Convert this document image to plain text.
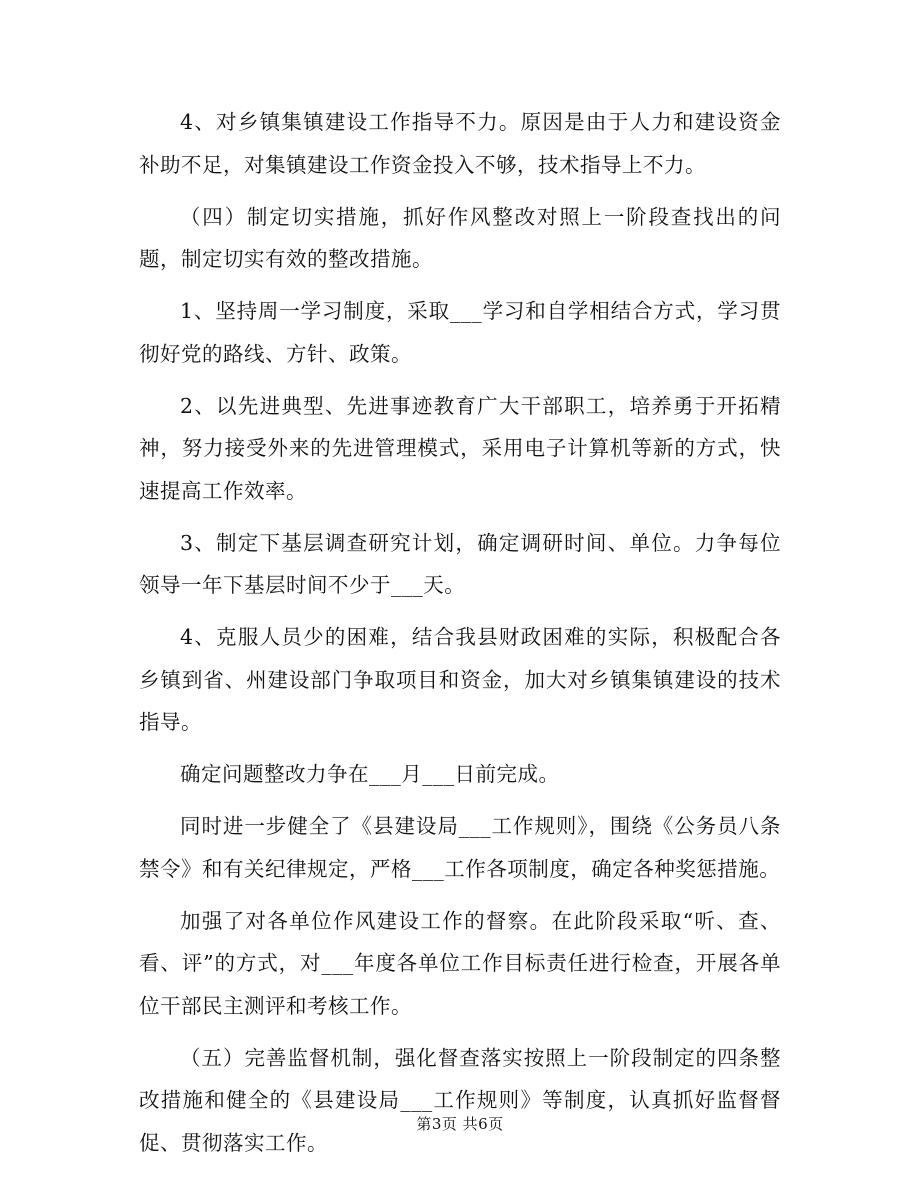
4、对乡镇集镇建设工作指导不力。原因是由于人力和建设资金补助不足，对集镇建设工作资金投入不够，技术指导上不力。

（四）制定切实措施，抓好作风整改对照上一阶段查找出的问题，制定切实有效的整改措施。

1、坚持周一学习制度，采取___学习和自学相结合方式，学习贯彻好党的路线、方针、政策。

2、以先进典型、先进事迹教育广大干部职工，培养勇于开拓精神，努力接受外来的先进管理模式，采用电子计算机等新的方式，快速提高工作效率。

3、制定下基层调查研究计划，确定调研时间、单位。力争每位领导一年下基层时间不少于___天。

4、克服人员少的困难，结合我县财政困难的实际，积极配合各乡镇到省、州建设部门争取项目和资金，加大对乡镇集镇建设的技术指导。

确定问题整改力争在___月___日前完成。

同时进一步健全了《县建设局___工作规则》，围绕《公务员八条禁令》和有关纪律规定，严格___工作各项制度，确定各种奖惩措施。

加强了对各单位作风建设工作的督察。在此阶段采取“听、查、看、评”的方式，对___年度各单位工作目标责任进行检查，开展各单位干部民主测评和考核工作。

（五）完善监督机制，强化督查落实按照上一阶段制定的四条整改措施和健全的《县建设局___工作规则》等制度，认真抓好监督督促、贯彻落实工作。

第3页 共6页
